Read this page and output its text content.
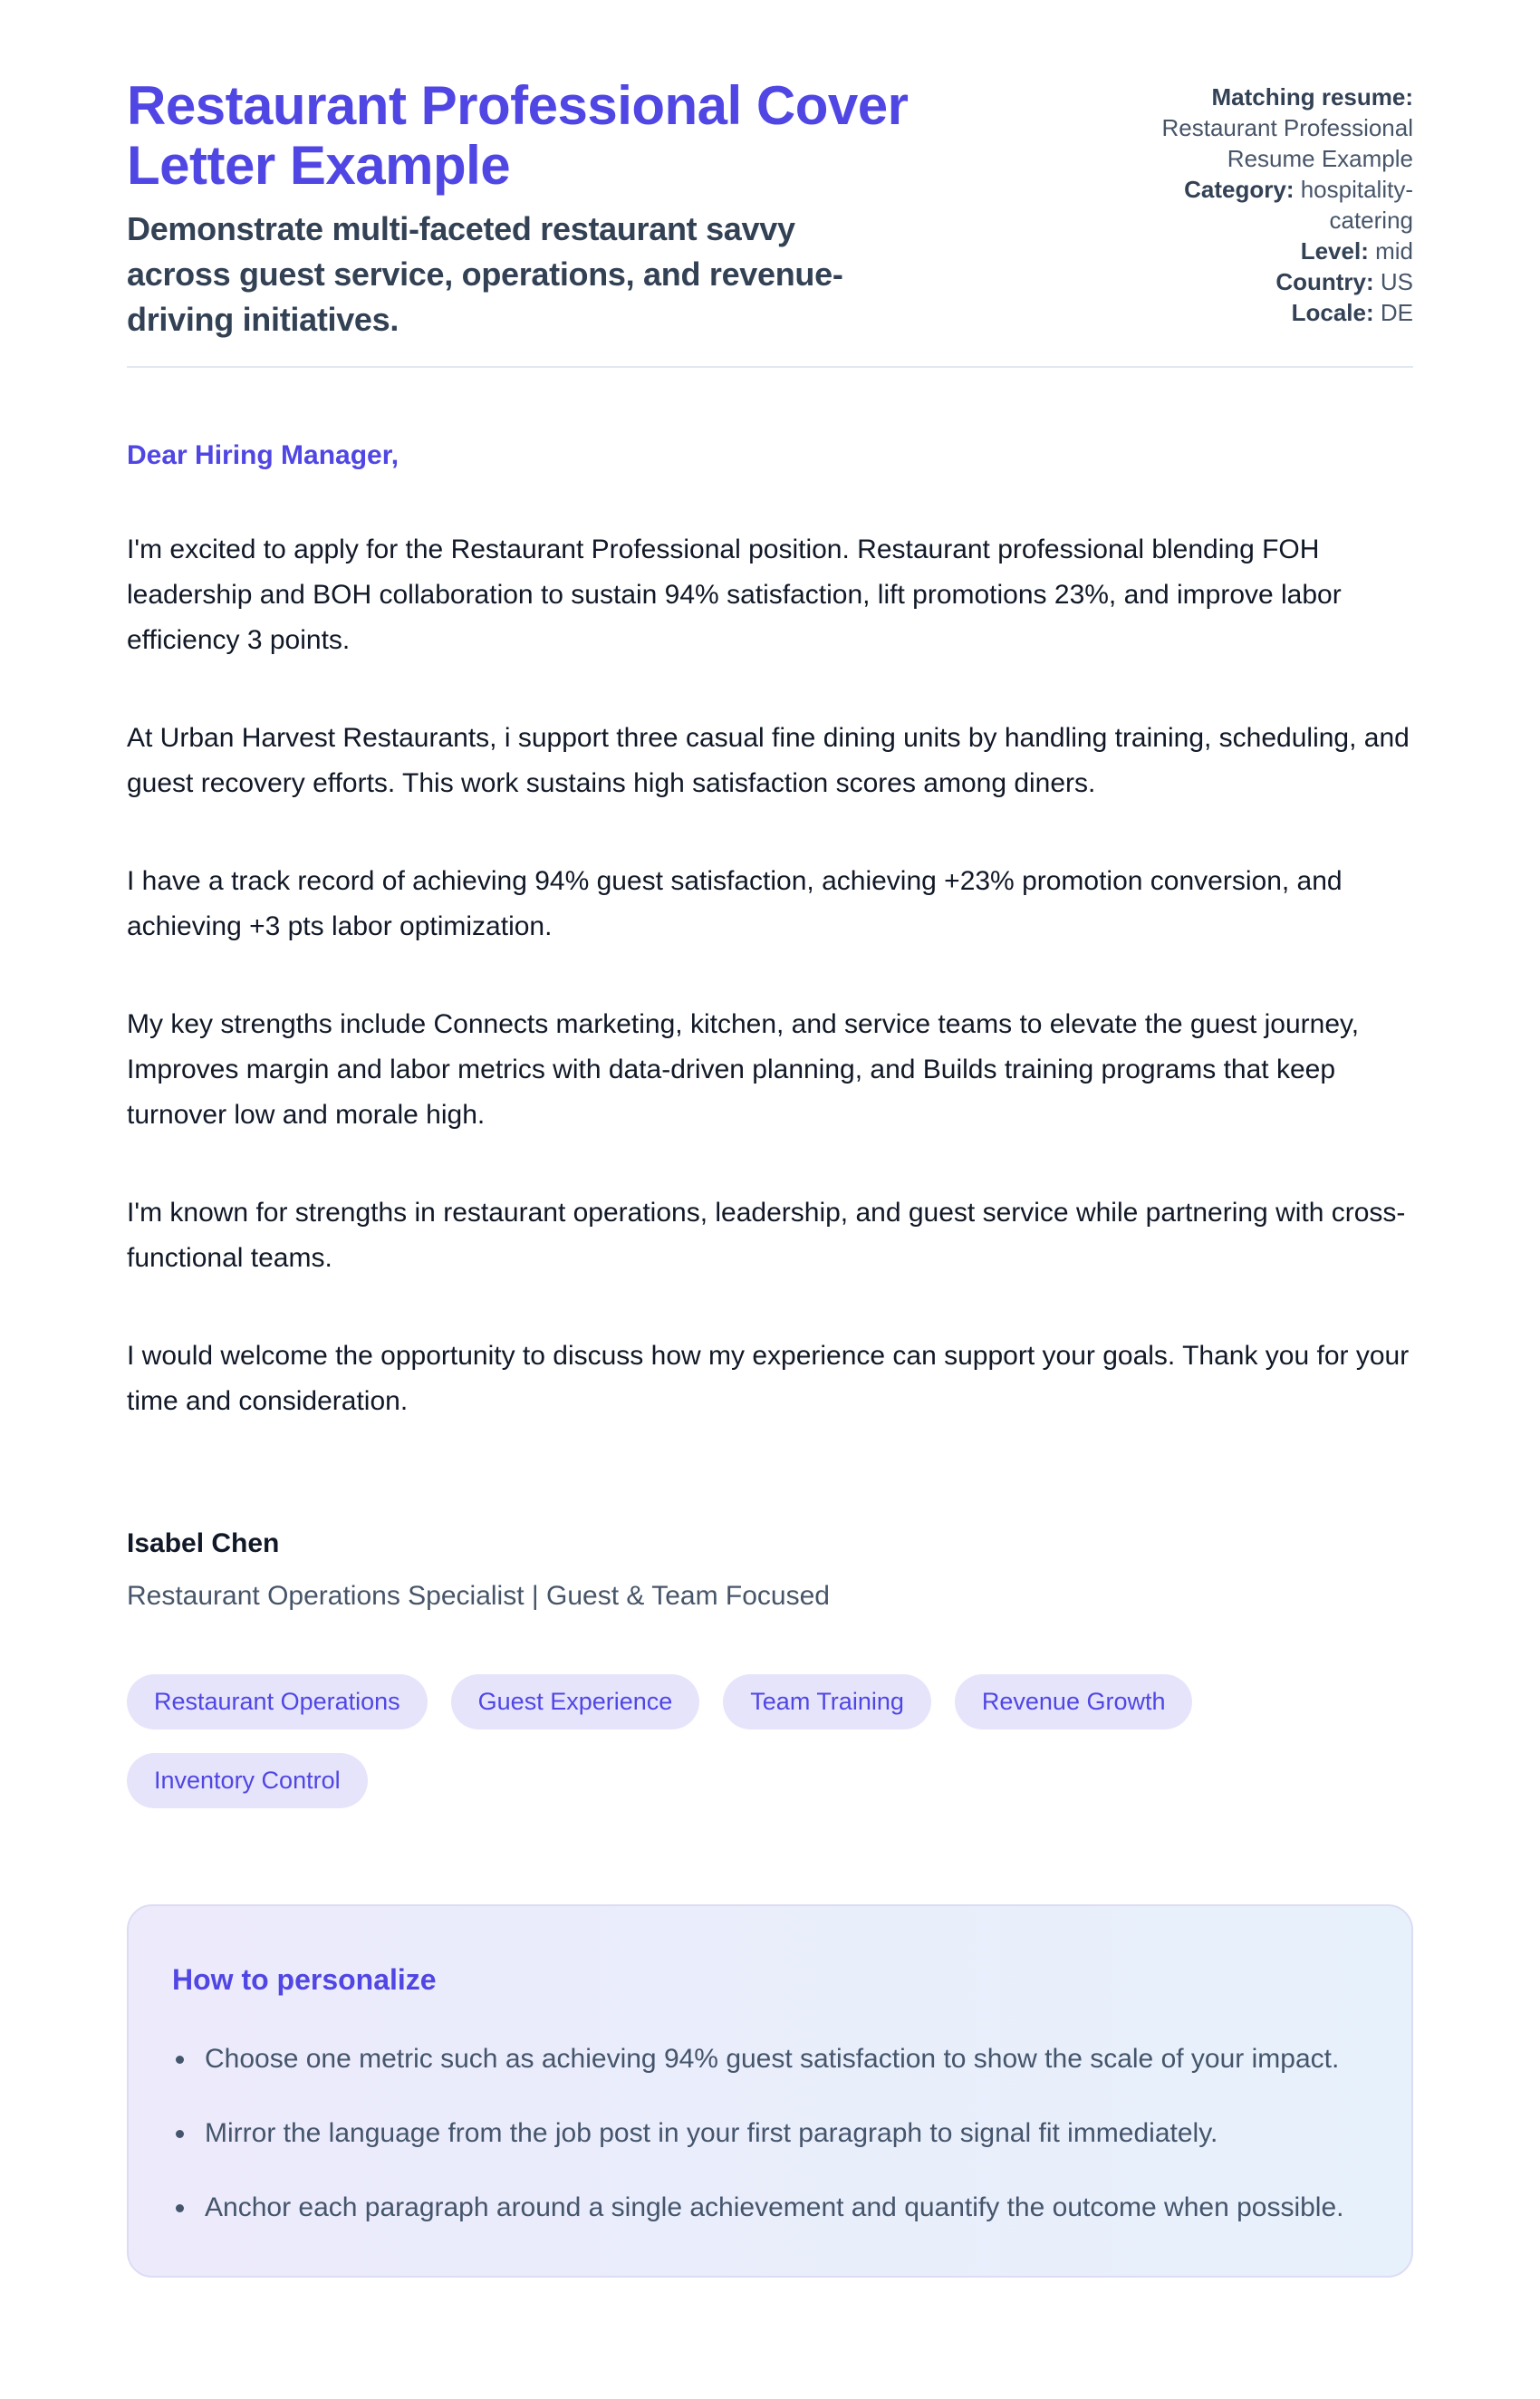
Restaurant Professional Cover Letter Example

Demonstrate multi-faceted restaurant savvy across guest service, operations, and revenue-driving initiatives.

Matching resume: Restaurant Professional Resume Example
Category: hospitality-catering
Level: mid
Country: US
Locale: DE

Dear Hiring Manager,

I'm excited to apply for the Restaurant Professional position. Restaurant professional blending FOH leadership and BOH collaboration to sustain 94% satisfaction, lift promotions 23%, and improve labor efficiency 3 points.

At Urban Harvest Restaurants, i support three casual fine dining units by handling training, scheduling, and guest recovery efforts. This work sustains high satisfaction scores among diners.

I have a track record of achieving 94% guest satisfaction, achieving +23% promotion conversion, and achieving +3 pts labor optimization.

My key strengths include Connects marketing, kitchen, and service teams to elevate the guest journey, Improves margin and labor metrics with data-driven planning, and Builds training programs that keep turnover low and morale high.

I'm known for strengths in restaurant operations, leadership, and guest service while partnering with cross-functional teams.

I would welcome the opportunity to discuss how my experience can support your goals. Thank you for your time and consideration.

Isabel Chen

Restaurant Operations Specialist | Guest & Team Focused

Restaurant Operations	Guest Experience	Team Training	Revenue Growth
Inventory Control
How to personalize
• Choose one metric such as achieving 94% guest satisfaction to show the scale of your impact.
• Mirror the language from the job post in your first paragraph to signal fit immediately.
• Anchor each paragraph around a single achievement and quantify the outcome when possible.
